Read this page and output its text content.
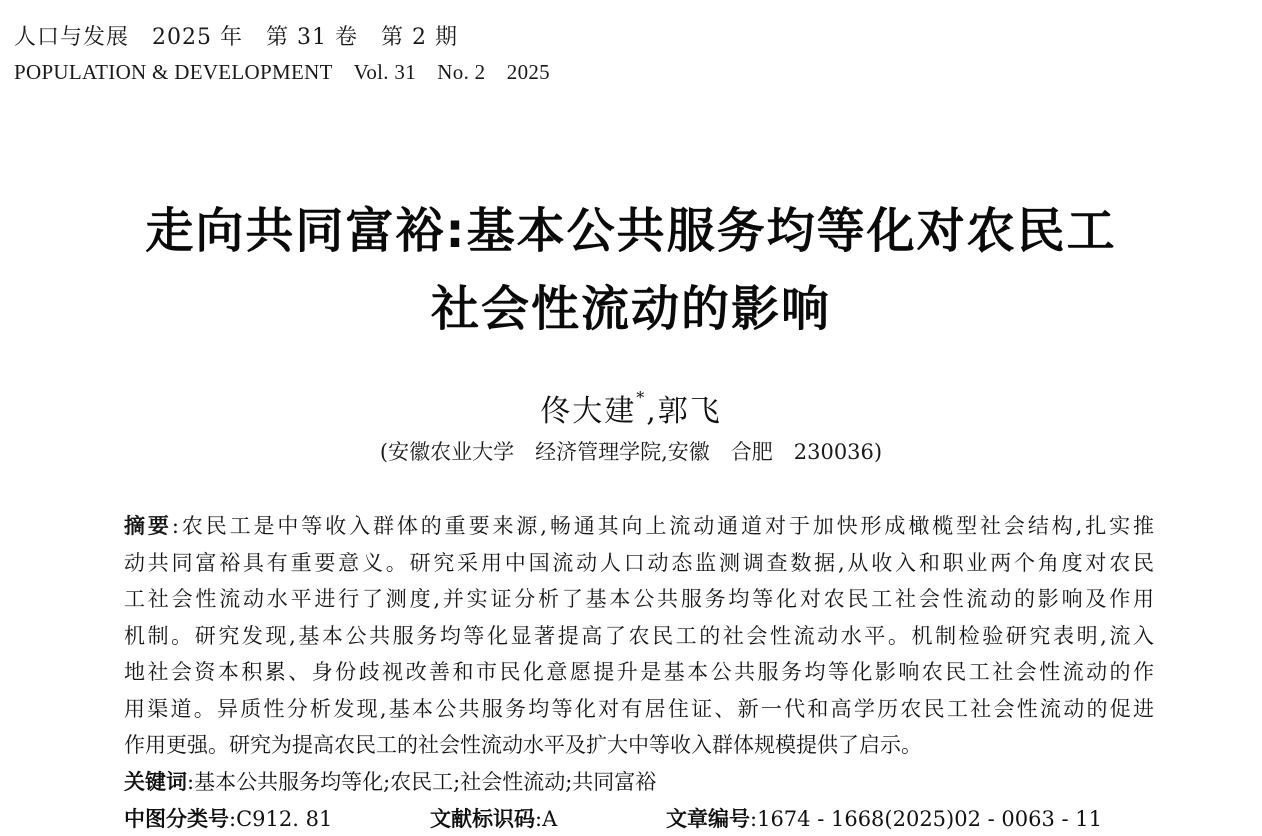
人口与发展　2025 年　第 31 卷　第 2 期
POPULATION & DEVELOPMENT　Vol. 31　No. 2　2025
走向共同富裕:基本公共服务均等化对农民工
社会性流动的影响
佟大建*,郭飞
(安徽农业大学　经济管理学院,安徽　合肥　230036)
摘要:农民工是中等收入群体的重要来源,畅通其向上流动通道对于加快形成橄榄型社会结构,扎实推
动共同富裕具有重要意义。研究采用中国流动人口动态监测调查数据,从收入和职业两个角度对农民
工社会性流动水平进行了测度,并实证分析了基本公共服务均等化对农民工社会性流动的影响及作用
机制。研究发现,基本公共服务均等化显著提高了农民工的社会性流动水平。机制检验研究表明,流入
地社会资本积累、身份歧视改善和市民化意愿提升是基本公共服务均等化影响农民工社会性流动的作
用渠道。异质性分析发现,基本公共服务均等化对有居住证、新一代和高学历农民工社会性流动的促进
作用更强。研究为提高农民工的社会性流动水平及扩大中等收入群体规模提供了启示。
关键词:基本公共服务均等化;农民工;社会性流动;共同富裕
中图分类号:C912. 81	文献标识码:A	文章编号:1674 - 1668(2025)02 - 0063 - 11
